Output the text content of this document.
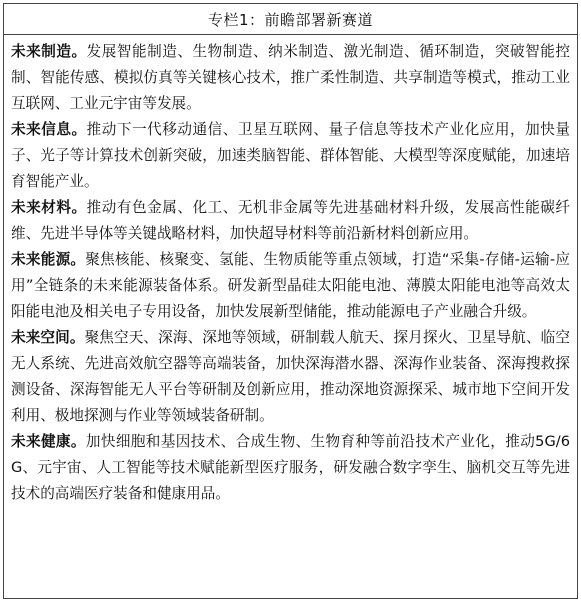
专栏1：前瞻部署新赛道

未来制造。发展智能制造、生物制造、纳米制造、激光制造、循环制造，突破智能控制、智能传感、模拟仿真等关键核心技术，推广柔性制造、共享制造等模式，推动工业互联网、工业元宇宙等发展。

未来信息。推动下一代移动通信、卫星互联网、量子信息等技术产业化应用，加快量子、光子等计算技术创新突破，加速类脑智能、群体智能、大模型等深度赋能，加速培育智能产业。

未来材料。推动有色金属、化工、无机非金属等先进基础材料升级，发展高性能碳纤维、先进半导体等关键战略材料，加快超导材料等前沿新材料创新应用。

未来能源。聚焦核能、核聚变、氢能、生物质能等重点领域，打造“采集-存储-运输-应用”全链条的未来能源装备体系。研发新型晶硅太阳能电池、薄膜太阳能电池等高效太阳能电池及相关电子专用设备，加快发展新型储能，推动能源电子产业融合升级。

未来空间。聚焦空天、深海、深地等领域，研制载人航天、探月探火、卫星导航、临空无人系统、先进高效航空器等高端装备，加快深海潜水器、深海作业装备、深海搜救探测设备、深海智能无人平台等研制及创新应用，推动深地资源探采、城市地下空间开发利用、极地探测与作业等领域装备研制。

未来健康。加快细胞和基因技术、合成生物、生物育种等前沿技术产业化，推动5G/6G、元宇宙、人工智能等技术赋能新型医疗服务，研发融合数字孪生、脑机交互等先进技术的高端医疗装备和健康用品。
